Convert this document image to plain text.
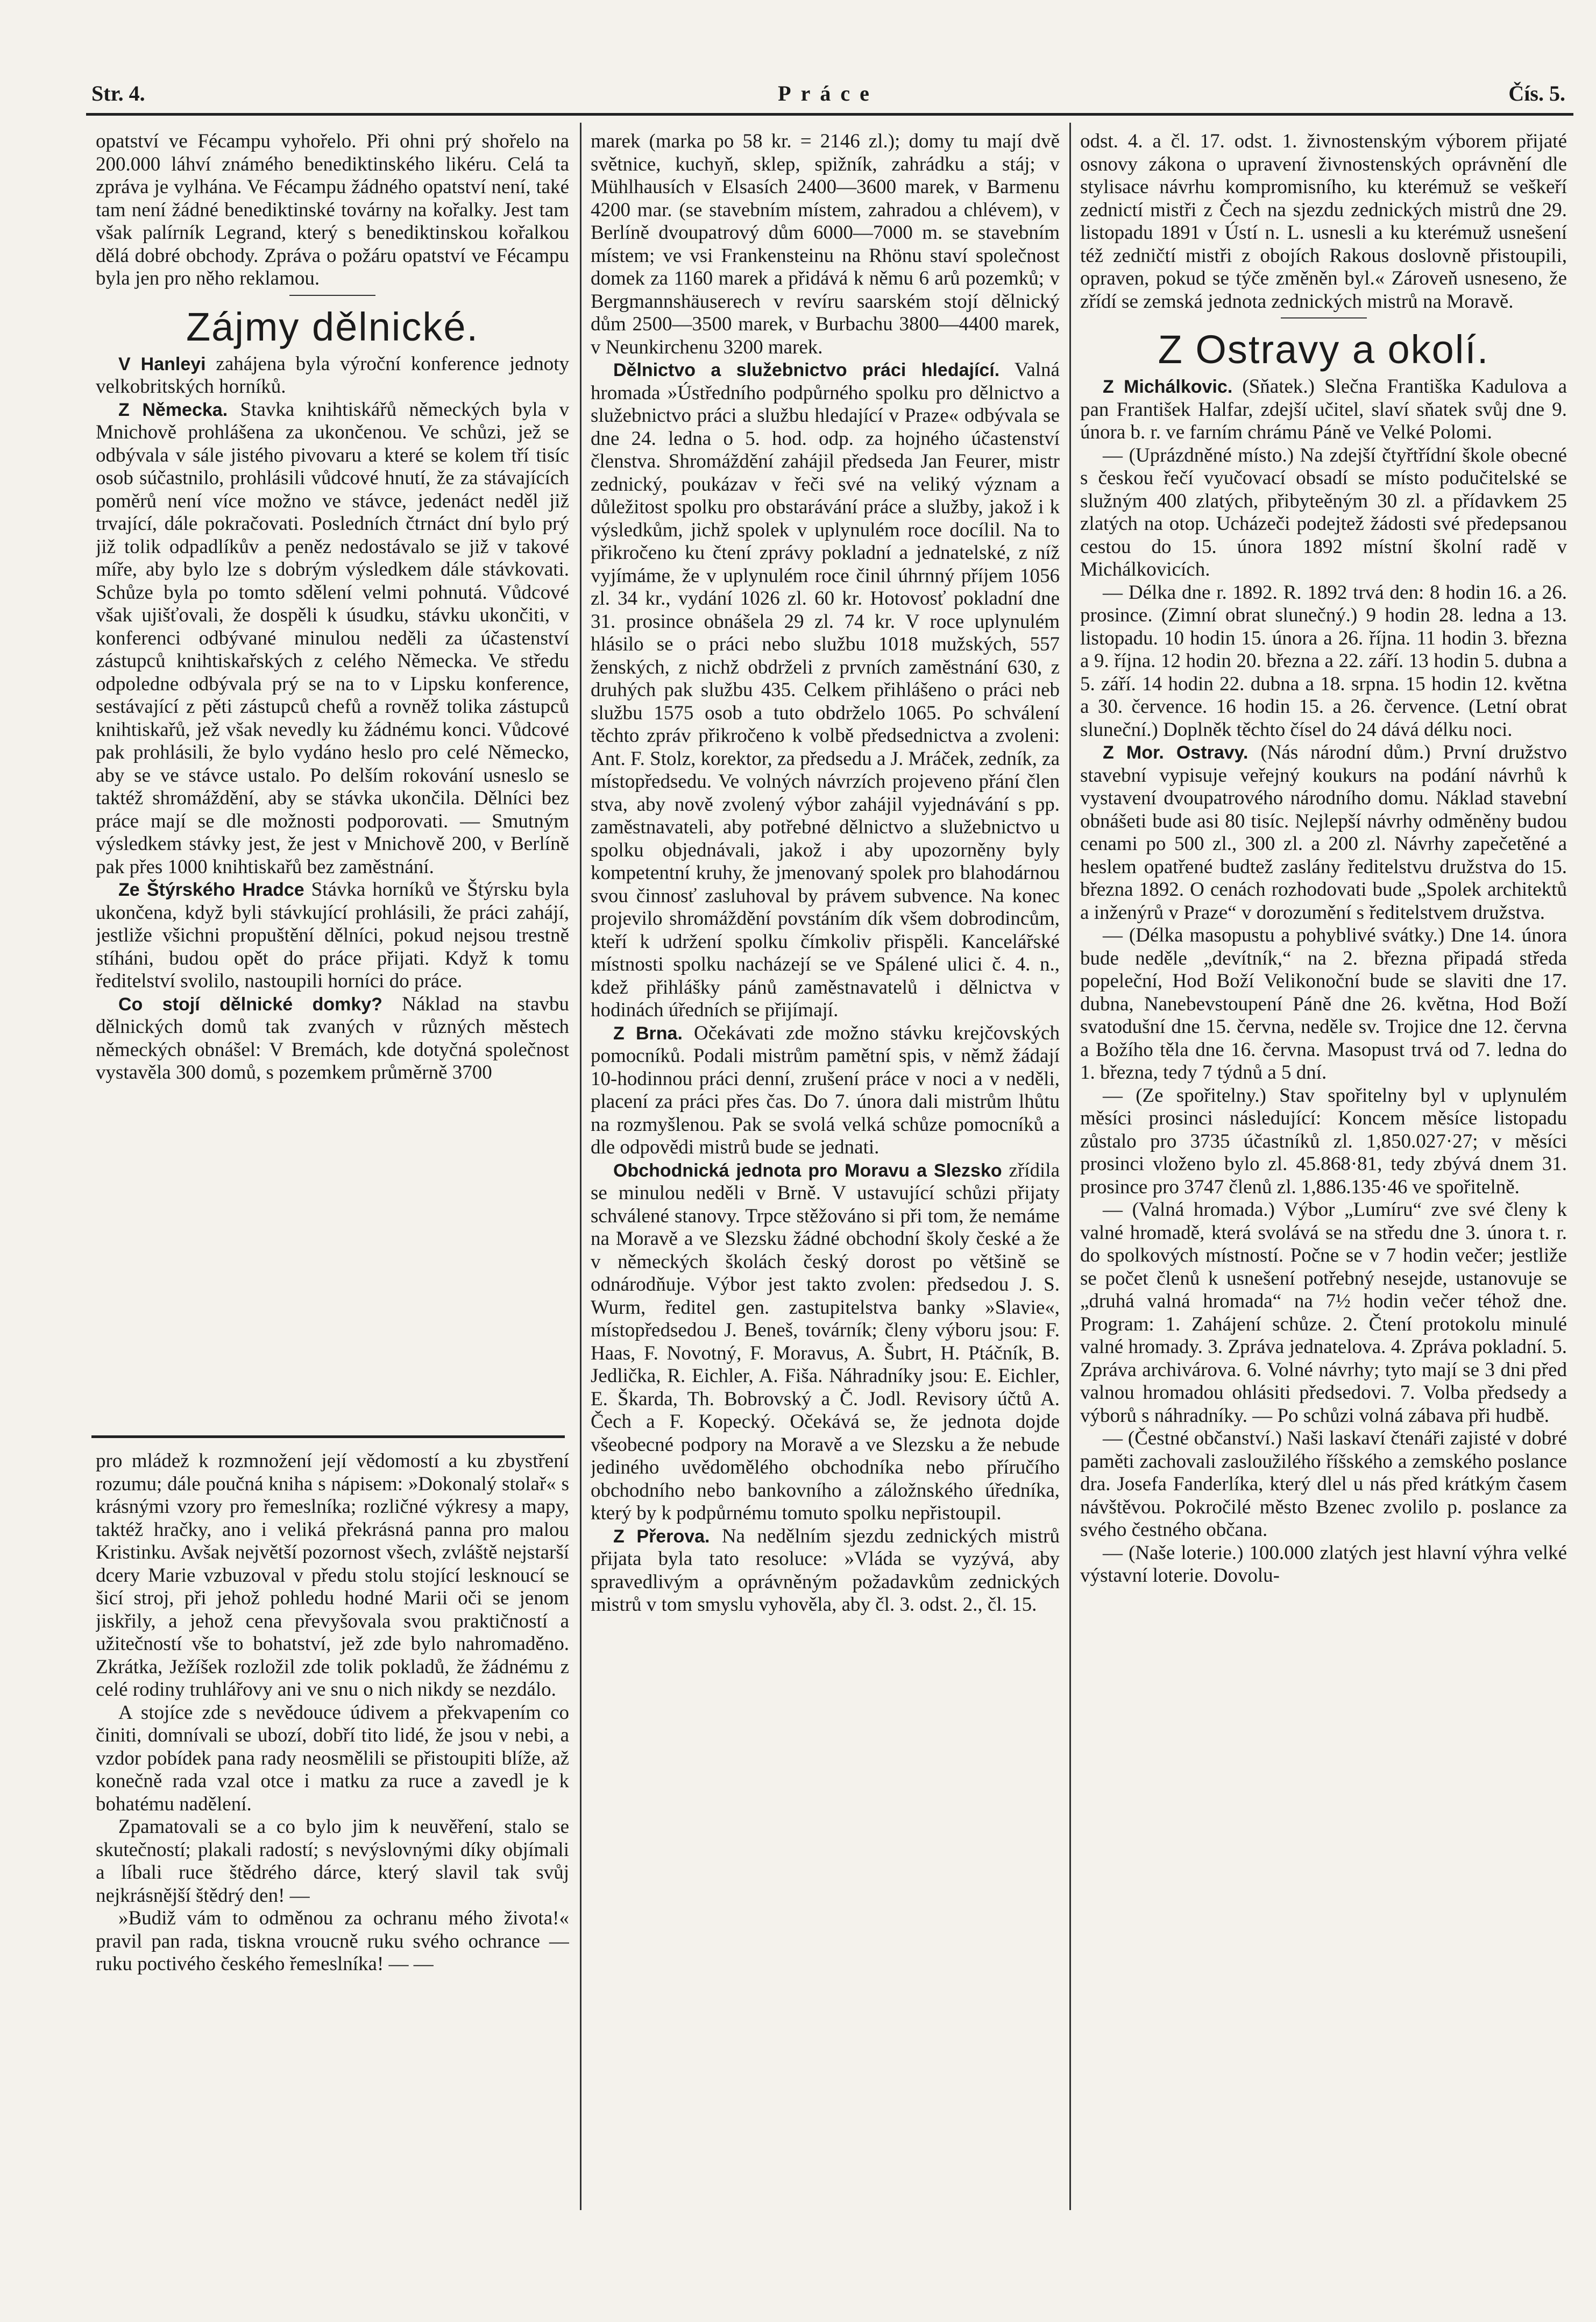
Str. 4.	Práce	Čís. 5.

opatství ve Fécampu vyhořelo. Při ohni prý shořelo na 200.000 láhví známého benediktinského likéru. Celá ta zpráva je vylhána. Ve Fécampu žádného opatství není, také tam není žádné benediktinské továrny na kořalky. Jest tam však palírník Legrand, který s benediktinskou kořalkou dělá dobré obchody. Zpráva o požáru opatství ve Fécampu byla jen pro něho reklamou.

Zájmy dělnické.

V Hanleyi zahájena byla výroční konference jednoty velkobritských horníků.

Z Německa. Stavka knihtiskářů německých byla v Mnichově prohlášena za ukončenou. Ve schůzi, jež se odbývala v sále jistého pivovaru a které se kolem tří tisíc osob súčastnilo, prohlásili vůdcové hnutí, že za stávajících poměrů není více možno ve stávce, jedenáct neděl již trvající, dále pokračovati. Posledních čtrnáct dní bylo prý již tolik odpadlíkův a peněz nedostávalo se již v takové míře, aby bylo lze s dobrým výsledkem dále stávkovati. Schůze byla po tomto sdělení velmi pohnutá. Vůdcové však ujišťovali, že dospěli k úsudku, stávku ukončiti, v konferenci odbývané minulou neděli za účastenství zástupců knihtiskařských z celého Německa. Ve středu odpoledne odbývala prý se na to v Lipsku konference, sestávající z pěti zástupců chefů a rovněž tolika zástupců knihtiskařů, jež však nevedly ku žádnému konci. Vůdcové pak prohlásili, že bylo vydáno heslo pro celé Německo, aby se ve stávce ustalo. Po delším rokování usneslo se taktéž shromáždění, aby se stávka ukončila. Dělníci bez práce mají se dle možnosti podporovati. — Smutným výsledkem stávky jest, že jest v Mnichově 200, v Berlíně pak přes 1000 knihtiskařů bez zaměstnání.

Ze Štýrského Hradce Stávka horníků ve Štýrsku byla ukončena, když byli stávkující prohlásili, že práci zahájí, jestliže všichni propuštění dělníci, pokud nejsou trestně stíháni, budou opět do práce přijati. Když k tomu ředitelství svolilo, nastoupili horníci do práce.

Co stojí dělnické domky? Náklad na stavbu dělnických domů tak zvaných v různých městech německých obnášel: V Bremách, kde dotyčná společnost vystavěla 300 domů, s pozemkem průměrně 3700

pro mládež k rozmnožení její vědomostí a ku zbystření rozumu; dále poučná kniha s nápisem: »Dokonalý stolař« s krásnými vzory pro řemeslníka; rozličné výkresy a mapy, taktéž hračky, ano i veliká překrásná panna pro malou Kristinku. Avšak největší pozornost všech, zvláště nejstarší dcery Marie vzbuzoval v předu stolu stojící lesknoucí se šicí stroj, při jehož pohledu hodné Marii oči se jenom jiskřily, a jehož cena převyšovala svou praktičností a užitečností vše to bohatství, jež zde bylo nahromaděno. Zkrátka, Ježíšek rozložil zde tolik pokladů, že žádnému z celé rodiny truhlářovy ani ve snu o nich nikdy se nezdálo.

A stojíce zde s nevědouce údivem a překvapením co činiti, domnívali se ubozí, dobří tito lidé, že jsou v nebi, a vzdor pobídek pana rady neosmělili se přistoupiti blíže, až konečně rada vzal otce i matku za ruce a zavedl je k bohatému nadělení.

Zpamatovali se a co bylo jim k neuvěření, stalo se skutečností; plakali radostí; s nevýslovnými díky objímali a líbali ruce štědrého dárce, který slavil tak svůj nejkrásnější štědrý den! —

»Budiž vám to odměnou za ochranu mého života!« pravil pan rada, tiskna vroucně ruku svého ochrance — ruku poctivého českého řemeslníka! — —

marek (marka po 58 kr. = 2146 zl.); domy tu mají dvě světnice, kuchyň, sklep, spižník, zahrádku a stáj; v Mühlhausích v Elsasích 2400—3600 marek, v Barmenu 4200 mar. (se stavebním místem, zahradou a chlévem), v Berlíně dvoupatrový dům 6000—7000 m. se stavebním místem; ve vsi Frankensteinu na Rhönu staví společnost domek za 1160 marek a přidává k němu 6 arů pozemků; v Bergmannshäuserech v revíru saarském stojí dělnický dům 2500—3500 marek, v Burbachu 3800—4400 marek, v Neunkirchenu 3200 marek.

Dělnictvo a služebnictvo práci hledající. Valná hromada »Ústředního podpůrného spolku pro dělnictvo a služebnictvo práci a službu hledající v Praze« odbývala se dne 24. ledna o 5. hod. odp. za hojného účastenství členstva. Shromáždění zahájil předseda Jan Feurer, mistr zednický, poukázav v řeči své na veliký význam a důležitost spolku pro obstarávání práce a služby, jakož i k výsledkům, jichž spolek v uplynulém roce docílil. Na to přikročeno ku čtení zprávy pokladní a jednatelské, z níž vyjímáme, že v uplynulém roce činil úhrnný příjem 1056 zl. 34 kr., vydání 1026 zl. 60 kr. Hotovosť pokladní dne 31. prosince obnášela 29 zl. 74 kr. V roce uplynulém hlásilo se o práci nebo službu 1018 mužských, 557 ženských, z nichž obdrželi z prvních zaměstnání 630, z druhých pak službu 435. Celkem přihlášeno o práci neb službu 1575 osob a tuto obdrželo 1065. Po schválení těchto zpráv přikročeno k volbě předsednictva a zvoleni: Ant. F. Stolz, korektor, za předsedu a J. Mráček, zedník, za místopředsedu. Ve volných návrzích projeveno přání člen stva, aby nově zvolený výbor zahájil vyjednávání s pp. zaměstnavateli, aby potřebné dělnictvo a služebnictvo u spolku objednávali, jakož i aby upozorněny byly kompetentní kruhy, že jmenovaný spolek pro blahodárnou svou činnosť zasluhoval by právem subvence. Na konec projevilo shromáždění povstáním dík všem dobrodincům, kteří k udržení spolku čímkoliv přispěli. Kancelářské místnosti spolku nacházejí se ve Spálené ulici č. 4. n., kdež přihlášky pánů zaměstnavatelů i dělnictva v hodinách úředních se přijímají.

Z Brna. Očekávati zde možno stávku krejčovských pomocníků. Podali mistrům pamětní spis, v němž žádají 10-hodinnou práci denní, zrušení práce v noci a v neděli, placení za práci přes čas. Do 7. února dali mistrům lhůtu na rozmyšlenou. Pak se svolá velká schůze pomocníků a dle odpovědi mistrů bude se jednati.

Obchodnická jednota pro Moravu a Slezsko zřídila se minulou neděli v Brně. V ustavující schůzi přijaty schválené stanovy. Trpce stěžováno si při tom, že nemáme na Moravě a ve Slezsku žádné obchodní školy české a že v německých školách český dorost po většině se odnárodňuje. Výbor jest takto zvolen: předsedou J. S. Wurm, ředitel gen. zastupitelstva banky »Slavie«, místopředsedou J. Beneš, továrník; členy výboru jsou: F. Haas, F. Novotný, F. Moravus, A. Šubrt, H. Ptáčník, B. Jedlička, R. Eichler, A. Fiša. Náhradníky jsou: E. Eichler, E. Škarda, Th. Bobrovský a Č. Jodl. Revisory účtů A. Čech a F. Kopecký. Očekává se, že jednota dojde všeobecné podpory na Moravě a ve Slezsku a že nebude jediného uvědomělého obchodníka nebo příručího obchodního nebo bankovního a záložnského úředníka, který by k podpůrnému tomuto spolku nepřistoupil.

Z Přerova. Na nedělním sjezdu zednických mistrů přijata byla tato resoluce: »Vláda se vyzývá, aby spravedlivým a oprávněným požadavkům zednických mistrů v tom smyslu vyhověla, aby čl. 3. odst. 2., čl. 15.

odst. 4. a čl. 17. odst. 1. živnostenským výborem přijaté osnovy zákona o upravení živnostenských oprávnění dle stylisace návrhu kompromisního, ku kterémuž se veškeří zednictí mistři z Čech na sjezdu zednických mistrů dne 29. listopadu 1891 v Ústí n. L. usnesli a ku kterémuž usnešení též zedničtí mistři z obojích Rakous doslovně přistoupili, opraven, pokud se týče změněn byl.« Zároveň usneseno, že zřídí se zemská jednota zednických mistrů na Moravě.

Z Ostravy a okolí.

Z Michálkovic. (Sňatek.) Slečna Františka Kadulova a pan František Halfar, zdejší učitel, slaví sňatek svůj dne 9. února b. r. ve farním chrámu Páně ve Velké Polomi.

— (Uprázdněné místo.) Na zdejší čtyřtřídní škole obecné s českou řečí vyučovací obsadí se místo podučitelské se služným 400 zlatých, přibyteěným 30 zl. a přídavkem 25 zlatých na otop. Ucházeči podejtež žádosti své předepsanou cestou do 15. února 1892 místní školní radě v Michálkovicích.

— Délka dne r. 1892. R. 1892 trvá den: 8 hodin 16. a 26. prosince. (Zimní obrat slunečný.) 9 hodin 28. ledna a 13. listopadu. 10 hodin 15. února a 26. října. 11 hodin 3. března a 9. října. 12 hodin 20. března a 22. září. 13 hodin 5. dubna a 5. září. 14 hodin 22. dubna a 18. srpna. 15 hodin 12. května a 30. července. 16 hodin 15. a 26. července. (Letní obrat sluneční.) Doplněk těchto čísel do 24 dává délku noci.

Z Mor. Ostravy. (Nás národní dům.) První družstvo stavební vypisuje veřejný koukurs na podání návrhů k vystavení dvoupatrového národního domu. Náklad stavební obnášeti bude asi 80 tisíc. Nejlepší návrhy odměněny budou cenami po 500 zl., 300 zl. a 200 zl. Návrhy zapečetěné a heslem opatřené budtež zaslány ředitelstvu družstva do 15. března 1892. O cenách rozhodovati bude „Spolek architektů a inženýrů v Praze“ v dorozumění s ředitelstvem družstva.

— (Délka masopustu a pohyblivé svátky.) Dne 14. února bude neděle „devítník,“ na 2. března připadá středa popeleční, Hod Boží Velikonoční bude se slaviti dne 17. dubna, Nanebevstoupení Páně dne 26. května, Hod Boží svatodušní dne 15. června, neděle sv. Trojice dne 12. června a Božího těla dne 16. června. Masopust trvá od 7. ledna do 1. března, tedy 7 týdnů a 5 dní.

— (Ze spořitelny.) Stav spořitelny byl v uplynulém měsíci prosinci následující: Koncem měsíce listopadu zůstalo pro 3735 účastníků zl. 1,850.027·27; v měsíci prosinci vloženo bylo zl. 45.868·81, tedy zbývá dnem 31. prosince pro 3747 členů zl. 1,886.135·46 ve spořitelně.

— (Valná hromada.) Výbor „Lumíru“ zve své členy k valné hromadě, která svolává se na středu dne 3. února t. r. do spolkových místností. Počne se v 7 hodin večer; jestliže se počet členů k usnešení potřebný nesejde, ustanovuje se „druhá valná hromada“ na 7½ hodin večer téhož dne. Program: 1. Zahájení schůze. 2. Čtení protokolu minulé valné hromady. 3. Zpráva jednatelova. 4. Zpráva pokladní. 5. Zpráva archivárova. 6. Volné návrhy; tyto mají se 3 dni před valnou hromadou ohlásiti předsedovi. 7. Volba předsedy a výborů s náhradníky. — Po schůzi volná zábava při hudbě.

— (Čestné občanství.) Naši laskaví čtenáři zajisté v dobré paměti zachovali zasloužilého říšského a zemského poslance dra. Josefa Fanderlíka, který dlel u nás před krátkým časem návštěvou. Pokročilé město Bzenec zvolilo p. poslance za svého čestného občana.

— (Naše loterie.) 100.000 zlatých jest hlavní výhra velké výstavní loterie. Dovolu-
